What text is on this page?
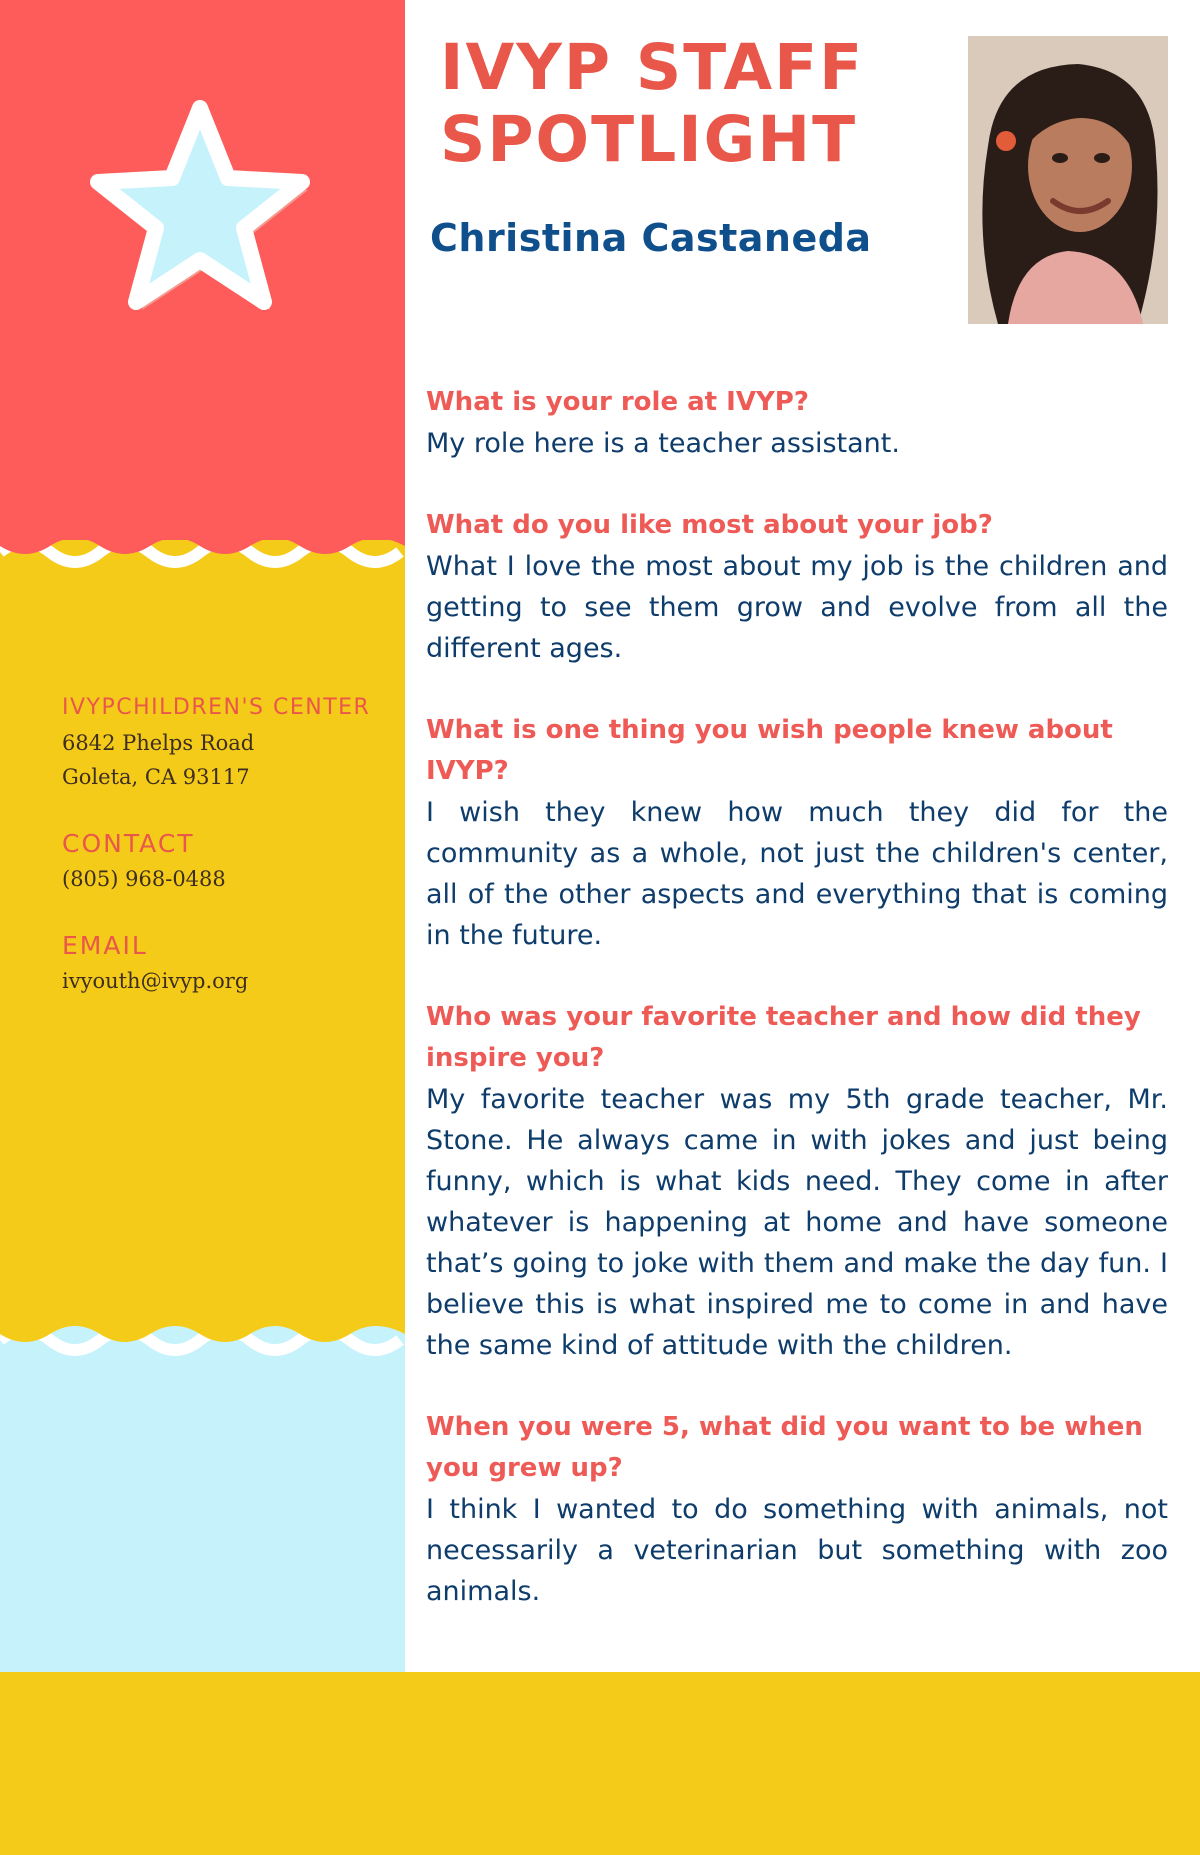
IVYPCHILDREN'S CENTER
6842 Phelps Road
Goleta, CA 93117
CONTACT
(805) 968-0488
EMAIL
ivyouth@ivyp.org
IVYP STAFF
SPOTLIGHT
Christina Castaneda

What is your role at IVYP?

My role here is a teacher assistant.

What do you like most about your job?

What I love the most about my job is the children and getting to see them grow and evolve from all the different ages.

What is one thing you wish people knew about IVYP?

I wish they knew how much they did for the community as a whole, not just the children's center, all of the other aspects and everything that is coming in the future.

Who was your favorite teacher and how did they inspire you?

My favorite teacher was my 5th grade teacher, Mr. Stone. He always came in with jokes and just being funny, which is what kids need. They come in after whatever is happening at home and have someone that’s going to joke with them and make the day fun. I believe this is what inspired me to come in and have the same kind of attitude with the children.

When you were 5, what did you want to be when you grew up?

I think I wanted to do something with animals, not necessarily a veterinarian but something with zoo animals.
